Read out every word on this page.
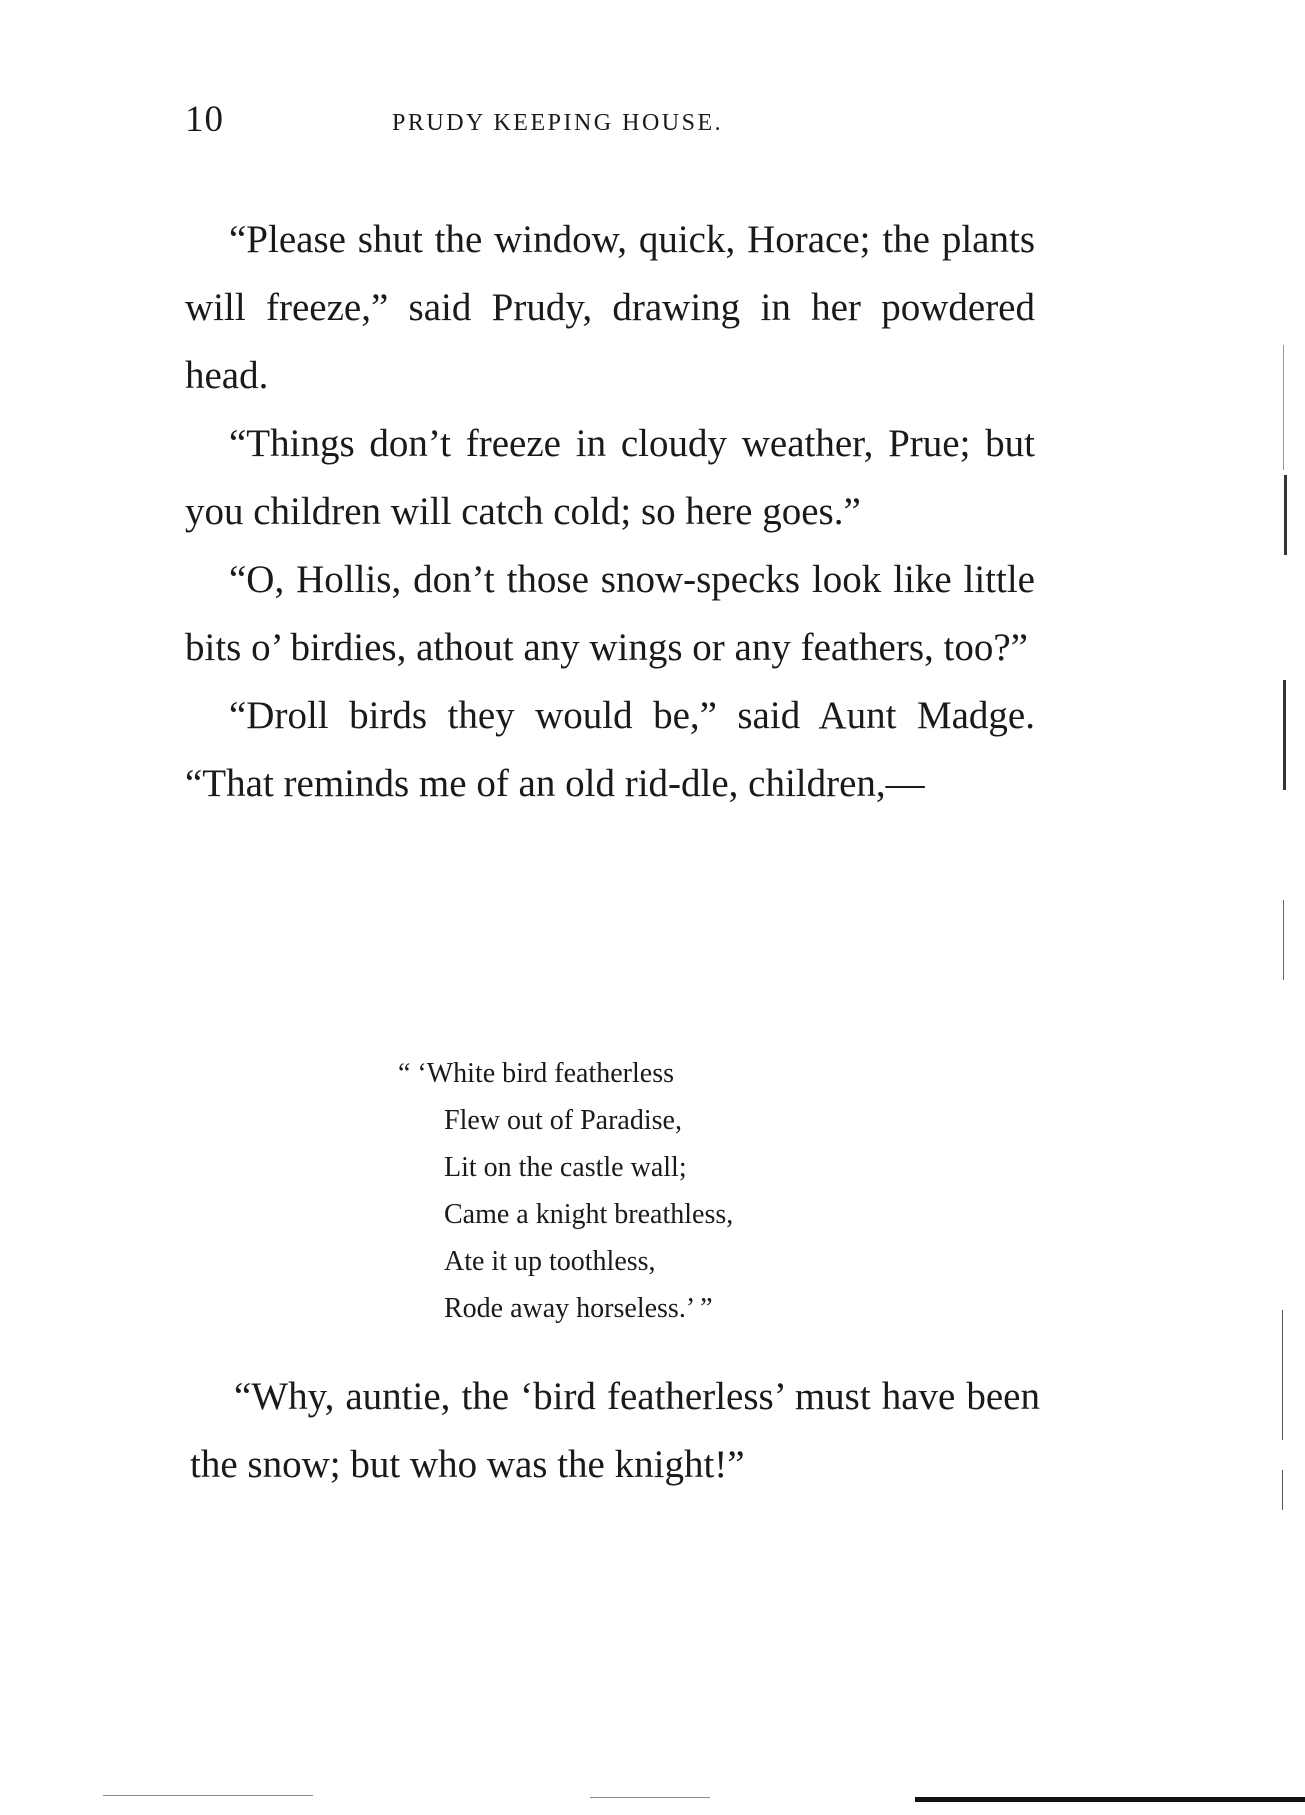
10	PRUDY KEEPING HOUSE.

“Please shut the window, quick, Horace; the plants will freeze,” said Prudy, drawing in her powdered head.

“Things don’t freeze in cloudy weather, Prue; but you children will catch cold; so here goes.”

“O, Hollis, don’t those snow-specks look like little bits o’ birdies, athout any wings or any feathers, too?”

“Droll birds they would be,” said Aunt Madge. “That reminds me of an old rid-dle, children,—

“ ‘White bird featherless
Flew out of Paradise,
Lit on the castle wall;
Came a knight breathless,
Ate it up toothless,
Rode away horseless.’ ”

“Why, auntie, the ‘bird featherless’ must have been the snow; but who was the knight!”
